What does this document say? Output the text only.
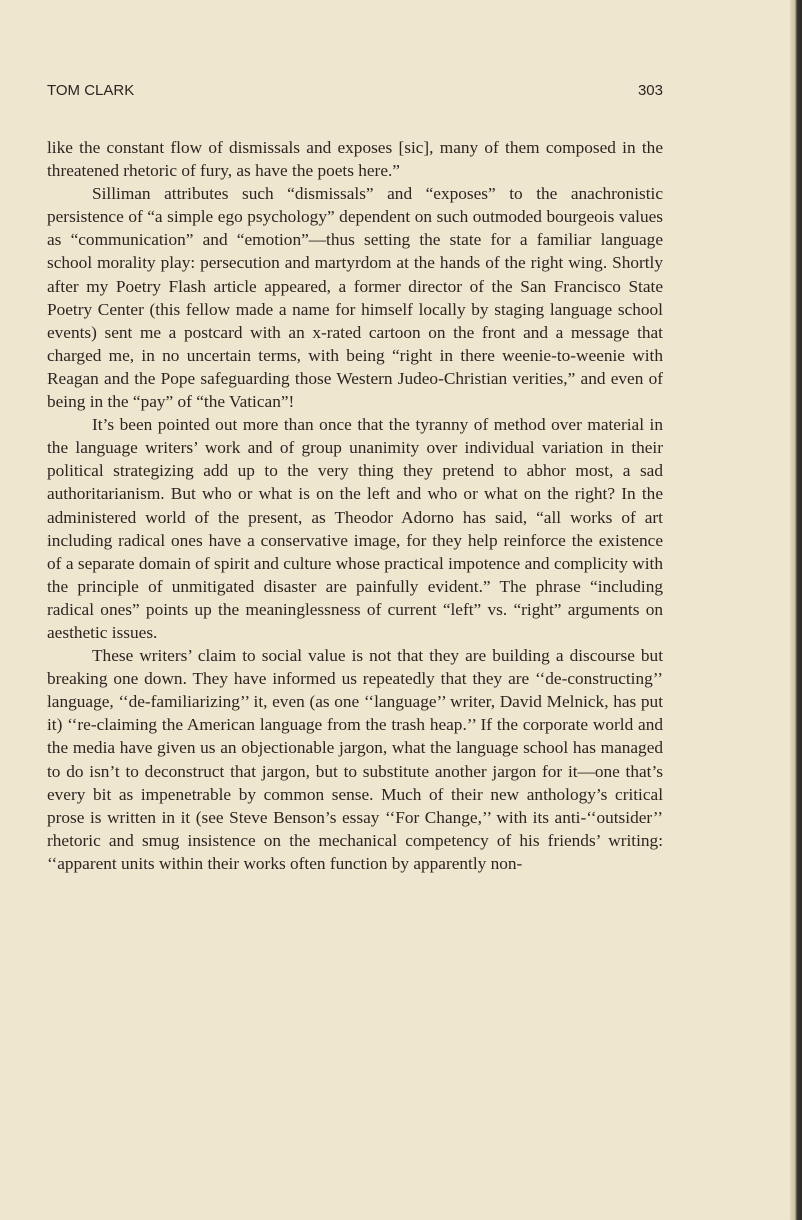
TOM CLARK	303

like the constant flow of dismissals and exposes [sic], many of them composed in the threatened rhetoric of fury, as have the poets here.”

Silliman attributes such “dismissals” and “exposes” to the anachronistic persistence of “a simple ego psychology” dependent on such outmoded bourgeois values as “communication” and “emotion”—thus setting the state for a familiar language school morality play: persecution and martyrdom at the hands of the right wing. Shortly after my Poetry Flash article appeared, a former director of the San Francisco State Poetry Center (this fellow made a name for himself locally by staging language school events) sent me a postcard with an x-rated cartoon on the front and a message that charged me, in no uncertain terms, with being “right in there weenie-to-weenie with Reagan and the Pope safeguarding those Western Judeo-Christian verities,” and even of being in the “pay” of “the Vatican”!

It’s been pointed out more than once that the tyranny of method over material in the language writers’ work and of group unanimity over individual variation in their political strategizing add up to the very thing they pretend to abhor most, a sad authoritarianism. But who or what is on the left and who or what on the right? In the administered world of the present, as Theodor Adorno has said, “all works of art including radical ones have a conservative image, for they help reinforce the existence of a separate domain of spirit and culture whose practical impotence and complicity with the principle of unmitigated disaster are painfully evident.” The phrase “including radical ones” points up the meaninglessness of current “left” vs. “right” arguments on aesthetic issues.

These writers’ claim to social value is not that they are building a discourse but breaking one down. They have informed us repeatedly that they are ‘‘de-constructing’’ language, ‘‘de-familiarizing’’ it, even (as one ‘‘language’’ writer, David Melnick, has put it) ‘‘re-claiming the American language from the trash heap.’’ If the corporate world and the media have given us an objectionable jargon, what the language school has managed to do isn’t to deconstruct that jargon, but to substitute another jargon for it—one that’s every bit as impenetrable by common sense. Much of their new anthology’s critical prose is written in it (see Steve Benson’s essay ‘‘For Change,’’ with its anti-‘‘outsider’’ rhetoric and smug insistence on the mechanical competency of his friends’ writing: ‘‘apparent units within their works often function by apparently non-
